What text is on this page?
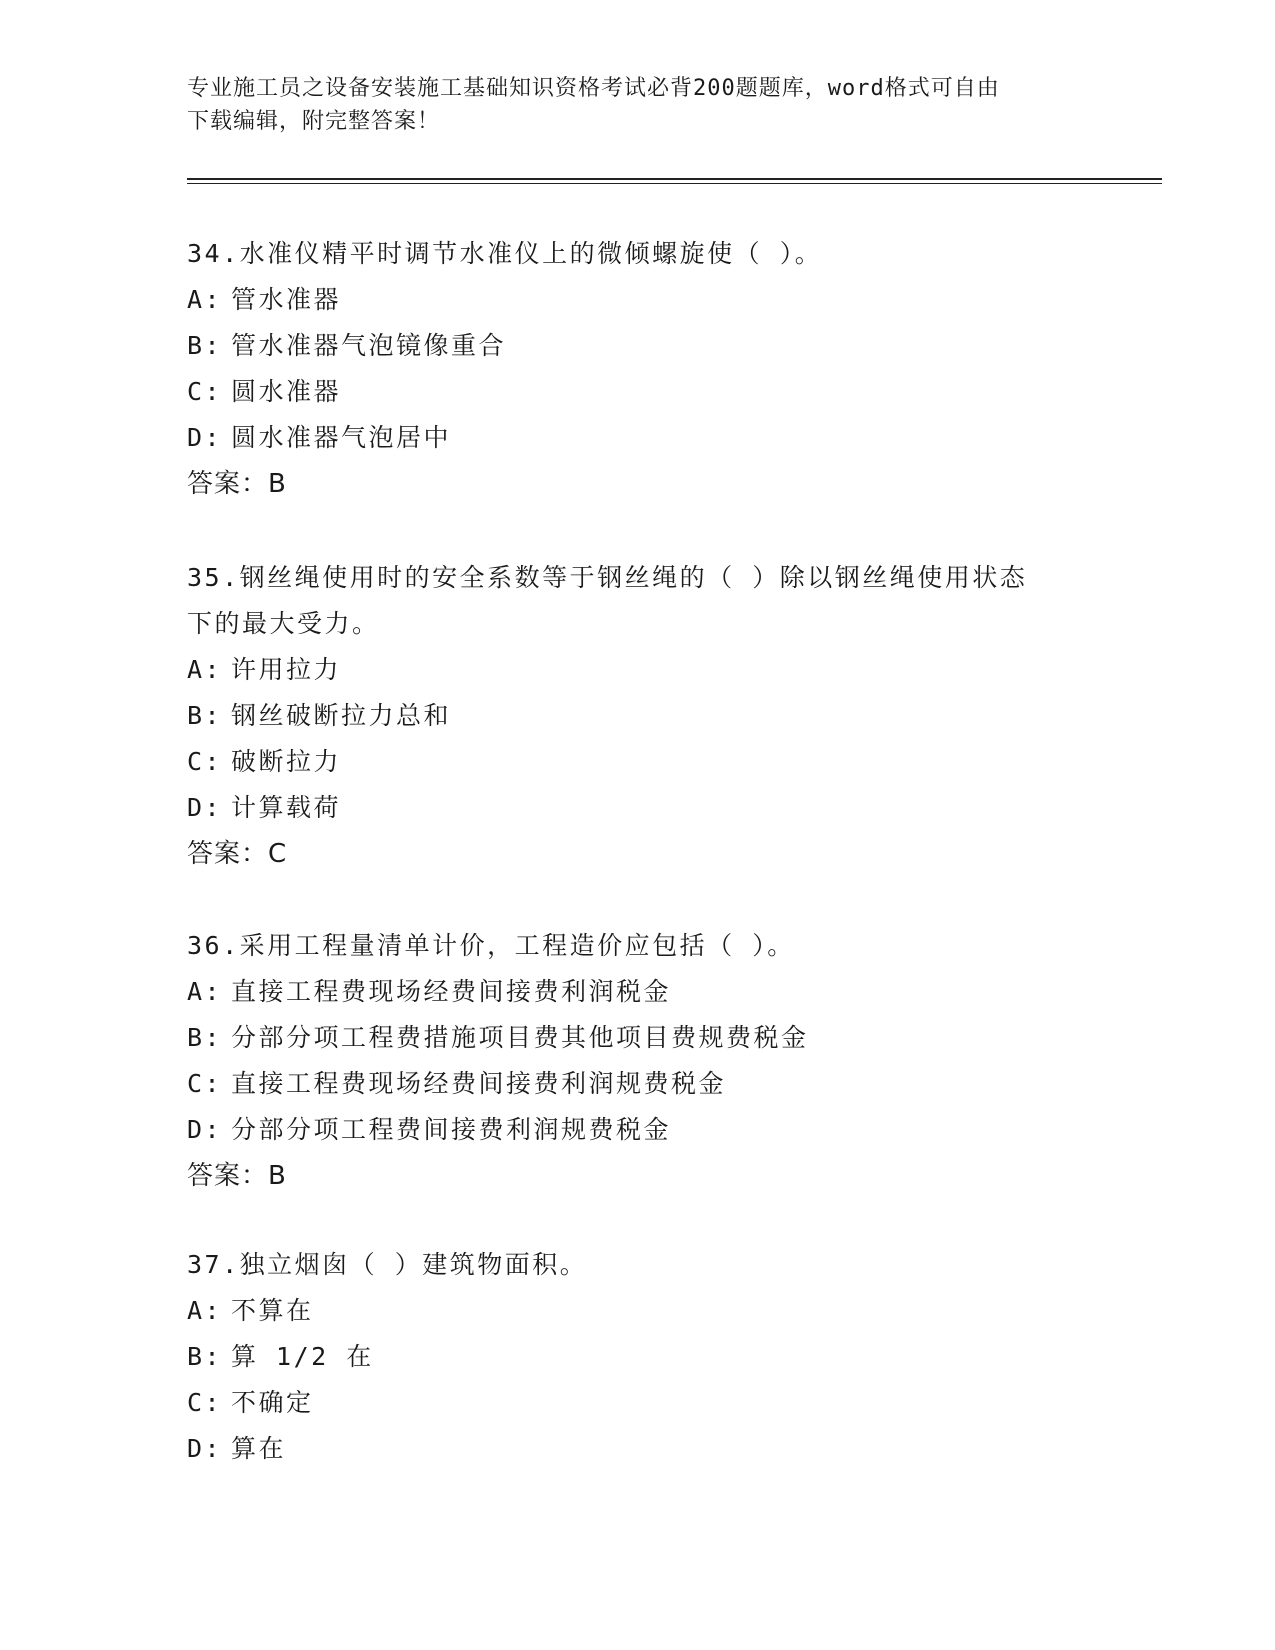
专业施工员之设备安装施工基础知识资格考试必背200题题库，word格式可自由
下载编辑，附完整答案！
34.水准仪精平时调节水准仪上的微倾螺旋使（ ）。
A: 管水准器
B: 管水准器气泡镜像重合
C: 圆水准器
D: 圆水准器气泡居中
答案：B
35.钢丝绳使用时的安全系数等于钢丝绳的（ ）除以钢丝绳使用状态
下的最大受力。
A: 许用拉力
B: 钢丝破断拉力总和
C: 破断拉力
D: 计算载荷
答案：C
36.采用工程量清单计价，工程造价应包括（ ）。
A: 直接工程费现场经费间接费利润税金
B: 分部分项工程费措施项目费其他项目费规费税金
C: 直接工程费现场经费间接费利润规费税金
D: 分部分项工程费间接费利润规费税金
答案：B
37.独立烟囱（ ）建筑物面积。
A: 不算在
B: 算 1/2 在
C: 不确定
D: 算在
